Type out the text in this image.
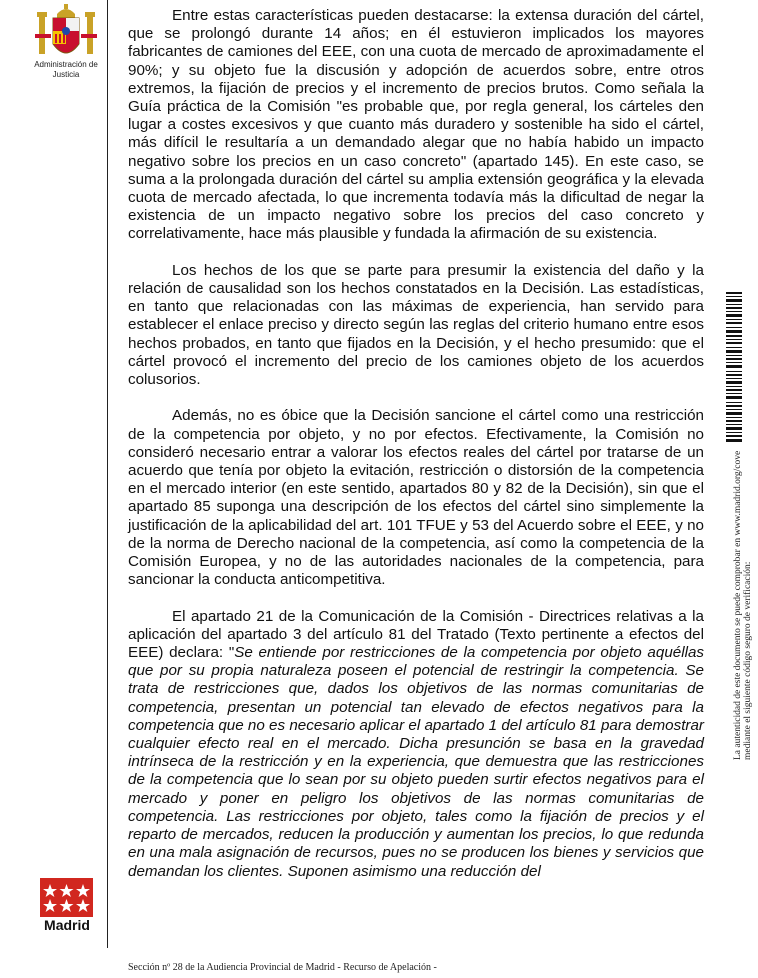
Administración de Justicia
Madrid
La autenticidad de este documento se puede comprobar en www.madrid.org/cove mediante el siguiente código seguro de verificación:

Entre estas características pueden destacarse: la extensa duración del cártel, que se prolongó durante 14 años; en él estuvieron implicados los mayores fabricantes de camiones del EEE, con una cuota de mercado de aproximadamente el 90%; y su objeto fue la discusión y adopción de acuerdos sobre, entre otros extremos, la fijación de precios y el incremento de precios brutos. Como señala la Guía práctica de la Comisión "es probable que, por regla general, los cárteles den lugar a costes excesivos y que cuanto más duradero y sostenible ha sido el cártel, más difícil le resultaría a un demandado alegar que no había habido un impacto negativo sobre los precios en un caso concreto" (apartado 145). En este caso, se suma a la prolongada duración del cártel su amplia extensión geográfica y la elevada cuota de mercado afectada, lo que incrementa todavía más la dificultad de negar la existencia de un impacto negativo sobre los precios del caso concreto y correlativamente, hace más plausible y fundada la afirmación de su existencia.

Los hechos de los que se parte para presumir la existencia del daño y la relación de causalidad son los hechos constatados en la Decisión. Las estadísticas, en tanto que relacionadas con las máximas de experiencia, han servido para establecer el enlace preciso y directo según las reglas del criterio humano entre esos hechos probados, en tanto que fijados en la Decisión, y el hecho presumido: que el cártel provocó el incremento del precio de los camiones objeto de los acuerdos colusorios.

Además, no es óbice que la Decisión sancione el cártel como una restricción de la competencia por objeto, y no por efectos. Efectivamente, la Comisión no consideró necesario entrar a valorar los efectos reales del cártel por tratarse de un acuerdo que tenía por objeto la evitación, restricción o distorsión de la competencia en el mercado interior (en este sentido, apartados 80 y 82 de la Decisión), sin que el apartado 85 suponga una descripción de los efectos del cártel sino simplemente la justificación de la aplicabilidad del art. 101 TFUE y 53 del Acuerdo sobre el EEE, y no de la norma de Derecho nacional de la competencia, así como la competencia de la Comisión Europea, y no de las autoridades nacionales de la competencia, para sancionar la conducta anticompetitiva.

El apartado 21 de la Comunicación de la Comisión - Directrices relativas a la aplicación del apartado 3 del artículo 81 del Tratado (Texto pertinente a efectos del EEE) declara: "Se entiende por restricciones de la competencia por objeto aquéllas que por su propia naturaleza poseen el potencial de restringir la competencia. Se trata de restricciones que, dados los objetivos de las normas comunitarias de competencia, presentan un potencial tan elevado de efectos negativos para la competencia que no es necesario aplicar el apartado 1 del artículo 81 para demostrar cualquier efecto real en el mercado. Dicha presunción se basa en la gravedad intrínseca de la restricción y en la experiencia, que demuestra que las restricciones de la competencia que lo sean por su objeto pueden surtir efectos negativos para el mercado y poner en peligro los objetivos de las normas comunitarias de competencia. Las restricciones por objeto, tales como la fijación de precios y el reparto de mercados, reducen la producción y aumentan los precios, lo que redunda en una mala asignación de recursos, pues no se producen los bienes y servicios que demandan los clientes. Suponen asimismo una reducción del

Sección nº 28 de la Audiencia Provincial de Madrid - Recurso de Apelación -
